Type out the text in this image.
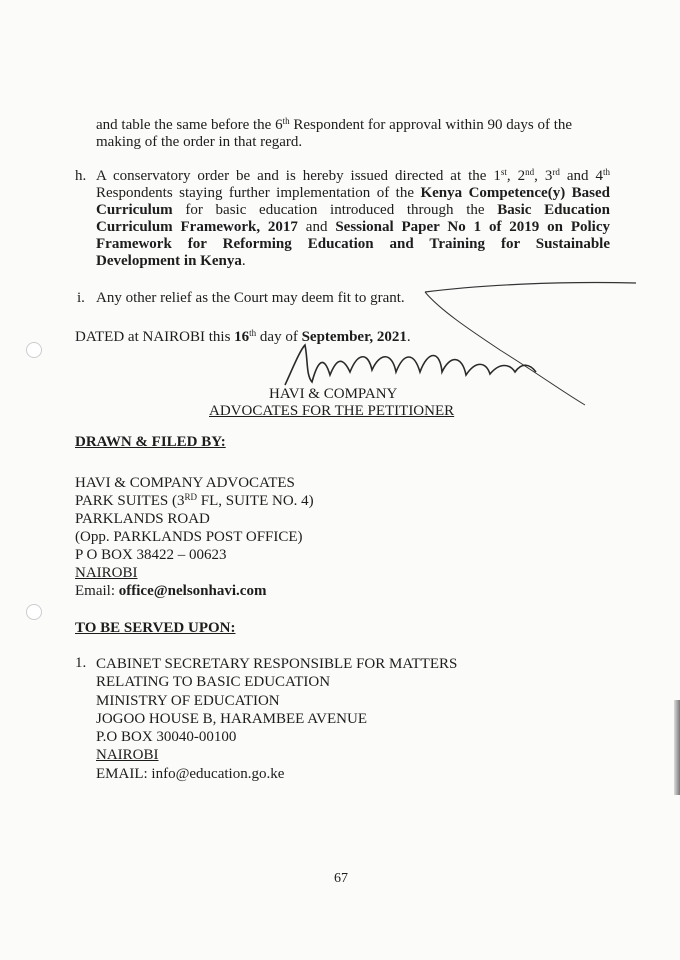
and table the same before the 6th Respondent for approval within 90 days of the
making of the order in that regard.
h. A conservatory order be and is hereby issued directed at the 1st, 2nd, 3rd and 4th Respondents staying further implementation of the Kenya Competence(y) Based Curriculum for basic education introduced through the Basic Education Curriculum Framework, 2017 and Sessional Paper No 1 of 2019 on Policy Framework for Reforming Education and Training for Sustainable Development in Kenya.
i. Any other relief as the Court may deem fit to grant.
DATED at NAIROBI this 16th day of September, 2021.
HAVI & COMPANY
ADVOCATES FOR THE PETITIONER
DRAWN & FILED BY:
HAVI & COMPANY ADVOCATES
PARK SUITES (3RD FL, SUITE NO. 4)
PARKLANDS ROAD
(Opp. PARKLANDS POST OFFICE)
P O BOX 38422 – 00623
NAIROBI
Email: office@nelsonhavi.com
TO BE SERVED UPON:
1. CABINET SECRETARY RESPONSIBLE FOR MATTERS
RELATING TO BASIC EDUCATION
MINISTRY OF EDUCATION
JOGOO HOUSE B, HARAMBEE AVENUE
P.O BOX 30040-00100
NAIROBI
EMAIL: info@education.go.ke
67
